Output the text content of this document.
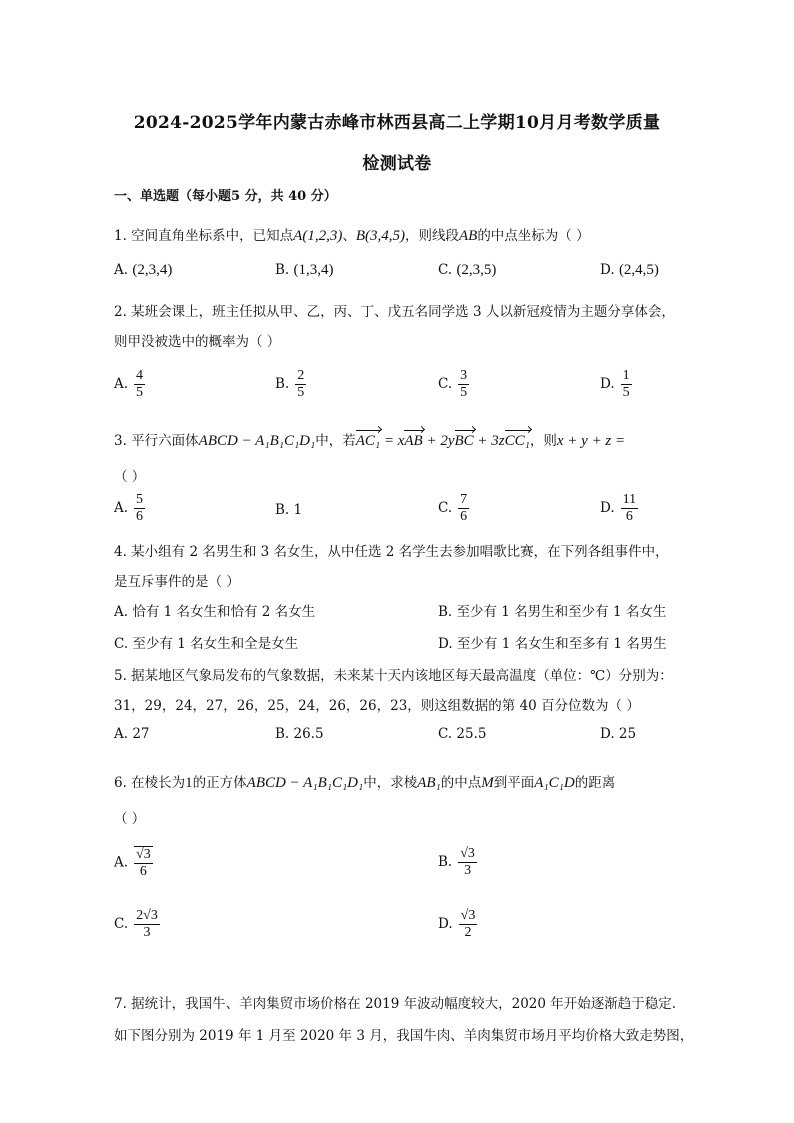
2024-2025学年内蒙古赤峰市林西县高二上学期10月月考数学质量
检测试卷
一、单选题（每小题5 分，共 40 分）
1. 空间直角坐标系中，已知点A(1,2,3)、B(3,4,5)，则线段AB的中点坐标为（ ）
A. (2,3,4)	B. (1,3,4)	C. (2,3,5)	D. (2,4,5)
2. 某班会课上，班主任拟从甲、乙，丙、丁、戊五名同学选 3 人以新冠疫情为主题分享体会，
则甲没被选中的概率为（ ）
A. $\frac{4}{5}$	B. $\frac{2}{5}$	C. $\frac{3}{5}$	D. $\frac{1}{5}$
3. 平行六面体ABCD − A₁B₁C₁D₁中，若AC₁ = xAB + 2yBC + 3zCC₁，则x + y + z =
（ ）
A. $\frac{5}{6}$	B. 1	C. $\frac{7}{6}$	D. $\frac{11}{6}$
4. 某小组有 2 名男生和 3 名女生，从中任选 2 名学生去参加唱歌比赛，在下列各组事件中，
是互斥事件的是（ ）
A. 恰有 1 名女生和恰有 2 名女生	B. 至少有 1 名男生和至少有 1 名女生
C. 至少有 1 名女生和全是女生	D. 至少有 1 名女生和至多有 1 名男生
5. 据某地区气象局发布的气象数据，未来某十天内该地区每天最高温度（单位：℃）分别为：
31，29，24，27，26，25，24，26，26，23，则这组数据的第 40 百分位数为（ ）
A. 27	B. 26.5	C. 25.5	D. 25
6. 在棱长为1的正方体ABCD − A₁B₁C₁D₁中，求棱AB₁的中点M到平面A₁C₁D的距离
（ ）
A. $\frac{√3}{6}$	B. $\frac{√3}{3}$
C. $\frac{2√3}{3}$	D. $\frac{√3}{2}$
7. 据统计，我国牛、羊肉集贸市场价格在 2019 年波动幅度较大，2020 年开始逐渐趋于稳定.
如下图分别为 2019 年 1 月至 2020 年 3 月，我国牛肉、羊肉集贸市场月平均价格大致走势图，
